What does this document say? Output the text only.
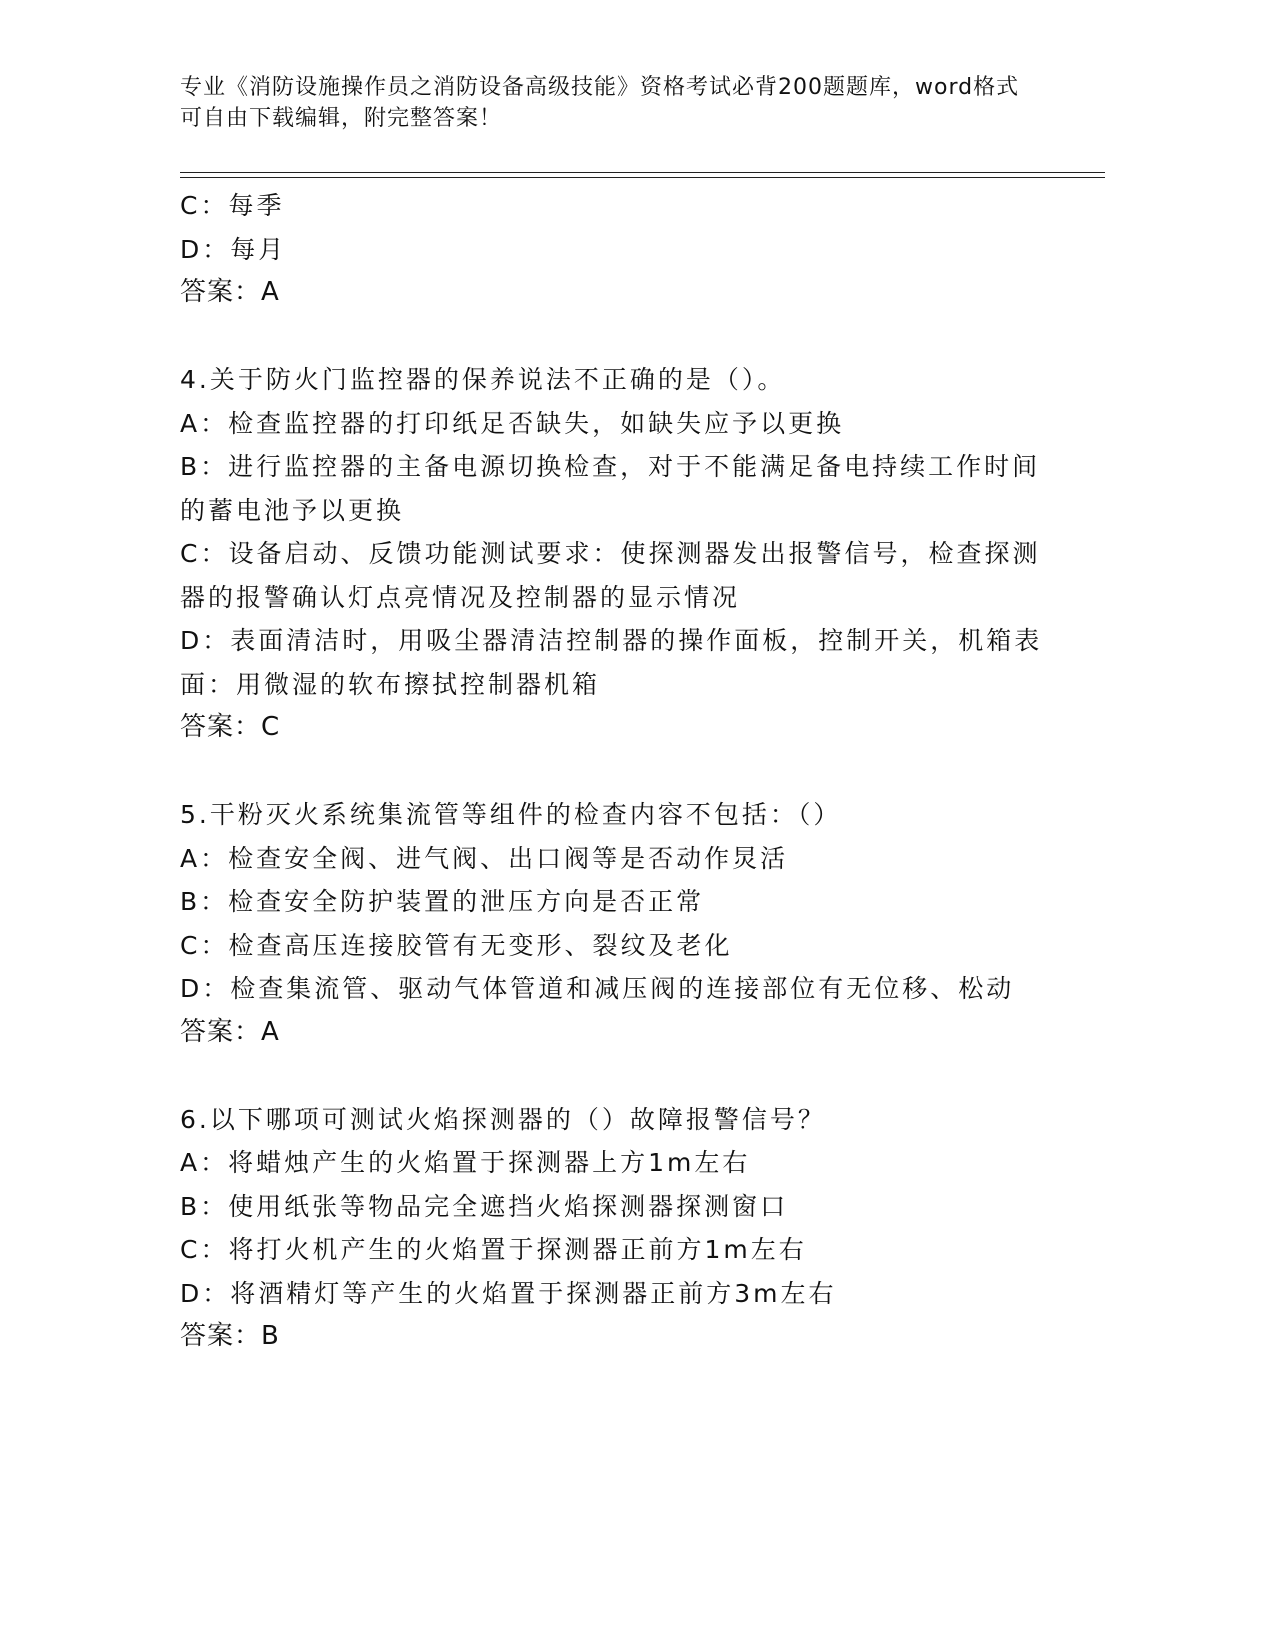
专业《消防设施操作员之消防设备高级技能》资格考试必背200题题库，word格式可自由下载编辑，附完整答案！
C：每季
D：每月
答案：A
4.关于防火门监控器的保养说法不正确的是（）。
A：检查监控器的打印纸足否缺失，如缺失应予以更换
B：进行监控器的主备电源切换检查，对于不能满足备电持续工作时间的蓄电池予以更换
C：设备启动、反馈功能测试要求：使探测器发出报警信号，检查探测器的报警确认灯点亮情况及控制器的显示情况
D：表面清洁时，用吸尘器清洁控制器的操作面板，控制开关，机箱表面：用微湿的软布擦拭控制器机箱
答案：C
5.干粉灭火系统集流管等组件的检查内容不包括：（）
A：检查安全阀、进气阀、出口阀等是否动作炅活
B：检查安全防护装置的泄压方向是否正常
C：检查高压连接胶管有无变形、裂纹及老化
D：检查集流管、驱动气体管道和减压阀的连接部位有无位移、松动
答案：A
6.以下哪项可测试火焰探测器的（）故障报警信号？
A：将蜡烛产生的火焰置于探测器上方1m左右
B：使用纸张等物品完全遮挡火焰探测器探测窗口
C：将打火机产生的火焰置于探测器正前方1m左右
D：将酒精灯等产生的火焰置于探测器正前方3m左右
答案：B
